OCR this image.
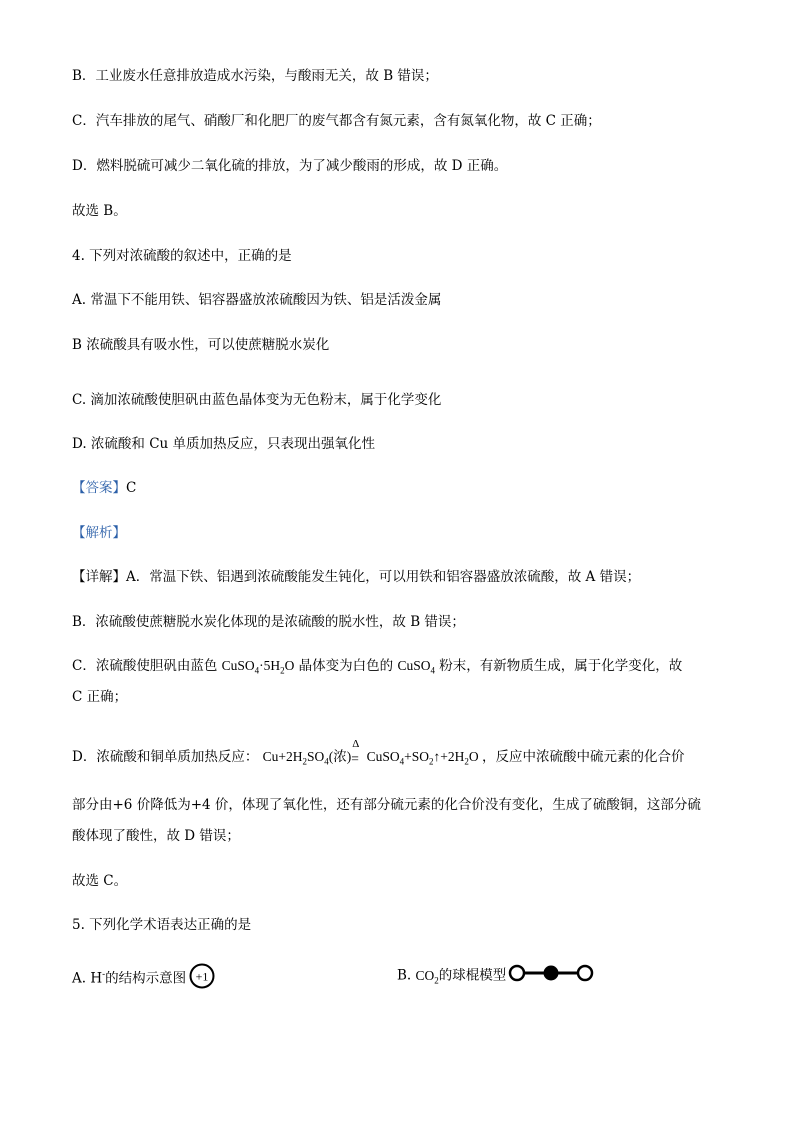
B．工业废水任意排放造成水污染，与酸雨无关，故 B 错误；
C．汽车排放的尾气、硝酸厂和化肥厂的废气都含有氮元素，含有氮氧化物，故 C 正确；
D．燃料脱硫可减少二氧化硫的排放，为了减少酸雨的形成，故 D 正确。
故选 B。
4. 下列对浓硫酸的叙述中，正确的是
A. 常温下不能用铁、铝容器盛放浓硫酸因为铁、铝是活泼金属
B 浓硫酸具有吸水性，可以使蔗糖脱水炭化
C. 滴加浓硫酸使胆矾由蓝色晶体变为无色粉末，属于化学变化
D. 浓硫酸和 Cu 单质加热反应，只表现出强氧化性
【答案】C
【解析】
【详解】A．常温下铁、铝遇到浓硫酸能发生钝化，可以用铁和铝容器盛放浓硫酸，故 A 错误；
B．浓硫酸使蔗糖脱水炭化体现的是浓硫酸的脱水性，故 B 错误；
C．浓硫酸使胆矾由蓝色 $CuSO_4\cdot 5H_2O$ 晶体变为白色的 CuSO$_4$ 粉末，有新物质生成，属于化学变化，故
C 正确；
D．浓硫酸和铜单质加热反应： $Cu+2H_2SO_4$(浓)
Δ
= $CuSO_4+SO_2↑+2H_2O$ ，反应中浓硫酸中硫元素的化合价
部分由+6 价降低为+4 价，体现了氧化性，还有部分硫元素的化合价没有变化，生成了硫酸铜，这部分硫
酸体现了酸性，故 D 错误；
故选 C。
5. 下列化学术语表达正确的是
A. H-的结构示意图 +1	B. $CO_2$的球棍模型
